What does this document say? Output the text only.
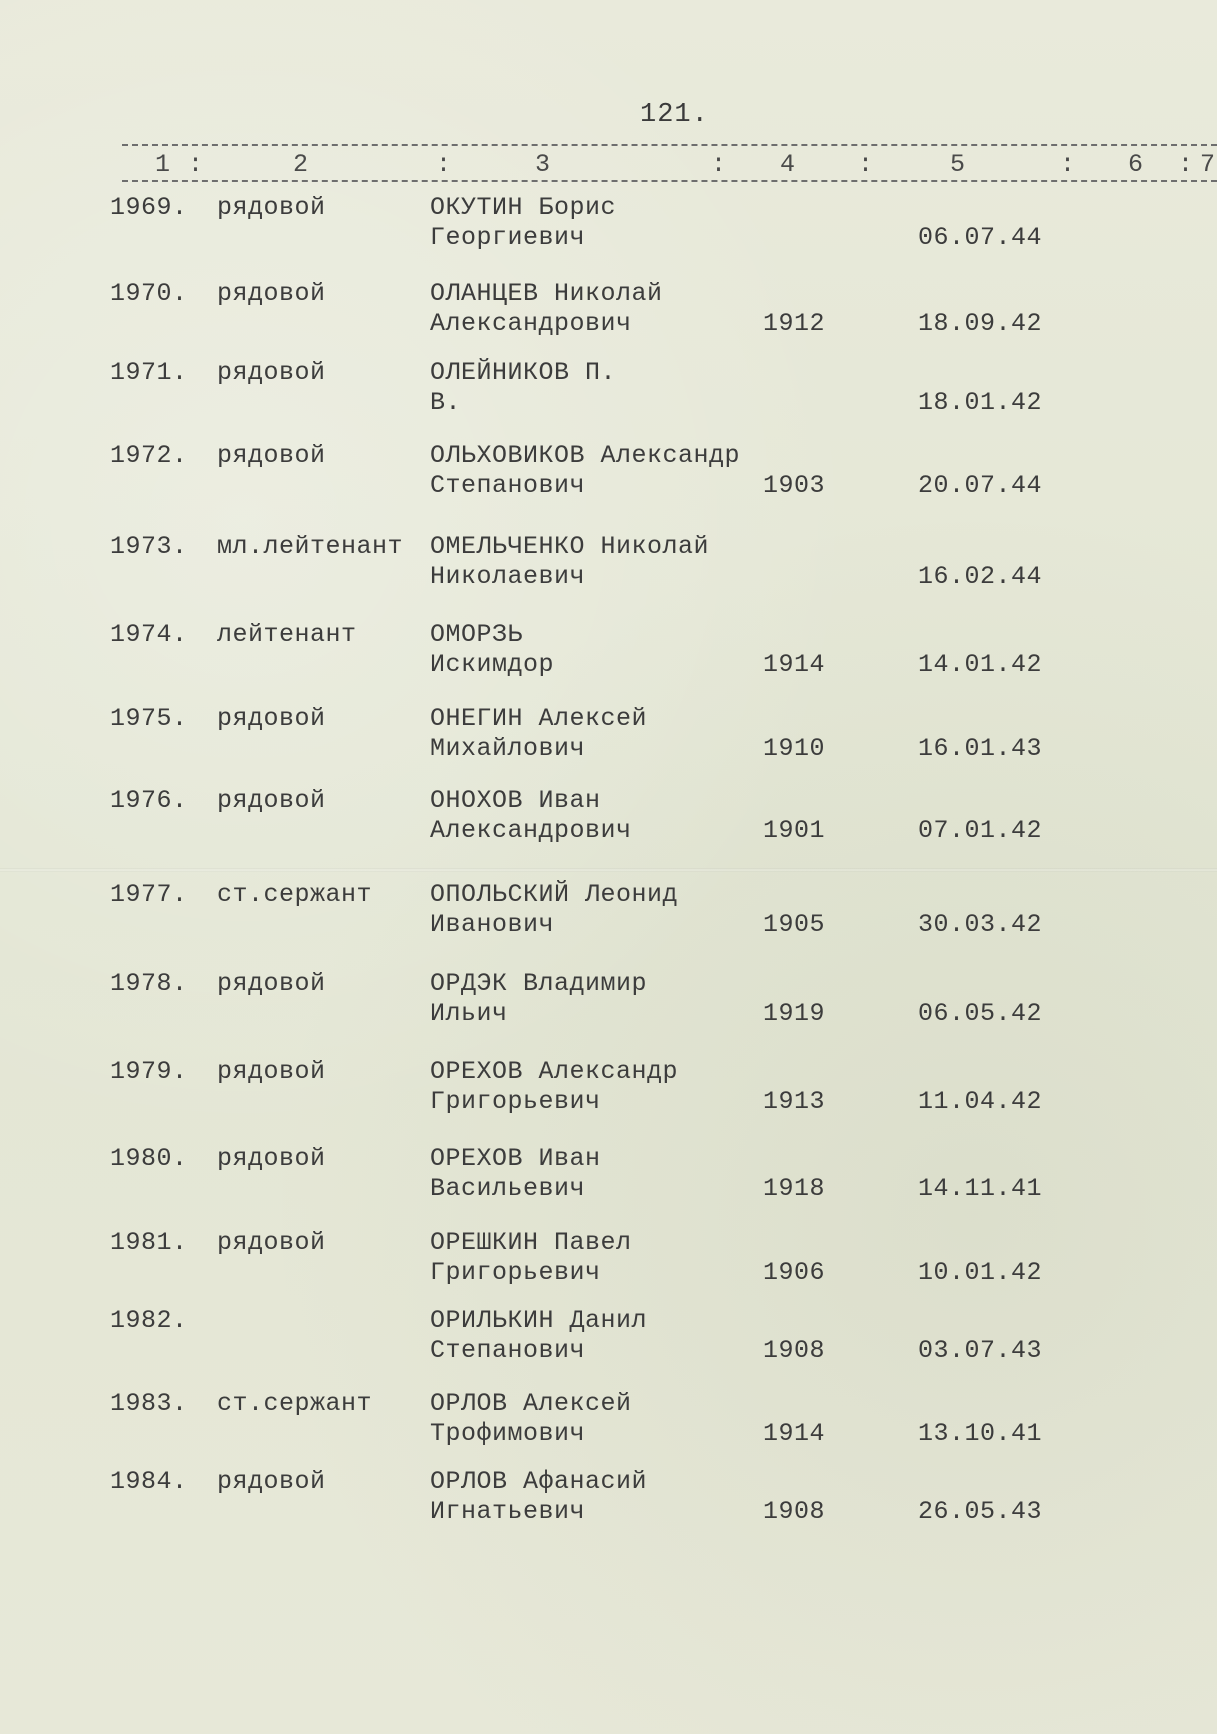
121.
1 :	2	:	3	: 4	:	5	: 6 : 7
1969. рядовой	ОКУТИН Борис
Георгиевич	06.07.44
1970. рядовой	ОЛАНЦЕВ Николай
Александрович	1912	18.09.42
1971. рядовой	ОЛЕЙНИКОВ П.
В.	18.01.42
1972. рядовой	ОЛЬХОВИКОВ Александр
Степанович	1903	20.07.44
1973. мл.лейтенант ОМЕЛЬЧЕНКО Николай
Николаевич	16.02.44
1974. лейтенант	ОМОРЗЬ
Искимдор	1914	14.01.42
1975. рядовой	ОНЕГИН Алексей
Михайлович	1910	16.01.43
1976. рядовой	ОНОХОВ Иван
Александрович	1901	07.01.42
1977. ст.сержант ОПОЛЬСКИЙ Леонид
Иванович	1905	30.03.42
1978. рядовой	ОРДЭК Владимир
Ильич	1919	06.05.42
1979. рядовой	ОРЕХОВ Александр
Григорьевич	1913	11.04.42
1980. рядовой	ОРЕХОВ Иван
Васильевич	1918	14.11.41
1981. рядовой	ОРЕШКИН Павел
Григорьевич	1906	10.01.42
1982.	ОРИЛЬКИН Данил
Степанович	1908	03.07.43
1983. ст.сержант ОРЛОВ Алексей
Трофимович	1914	13.10.41
1984. рядовой	ОРЛОВ Афанасий
Игнатьевич	1908	26.05.43
